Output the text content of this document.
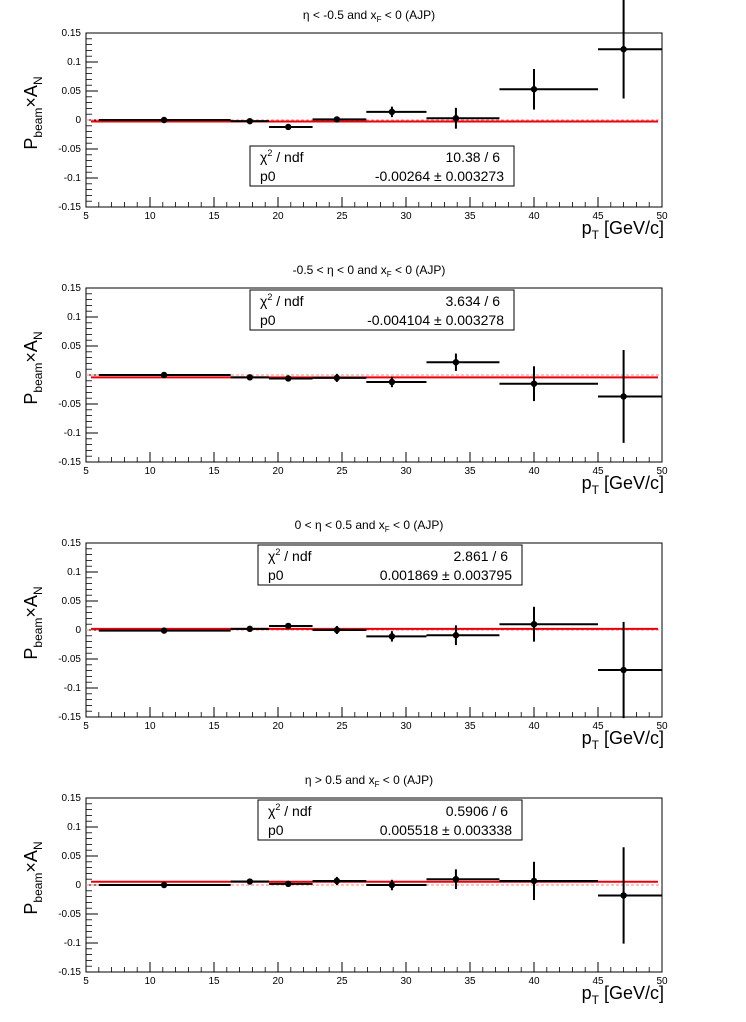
η < -0.5 and $x_F < 0$ (AJP)
-0.15
-0.1
-0.05
0
0.05
0.1
0.15
5	10	15	20	25	30	35	40	45	50
$P_{beam}\times A_N$
$p_T$ [GeV/c]
$\chi^2$ / ndf	10.38 / 6
p0	-0.00264 ± 0.003273
-0.5 < η < 0 and $x_F < 0$ (AJP)
-0.15
-0.1
-0.05
0
0.05
0.1
0.15
5	10	15	20	25	30	35	40	45	50
$P_{beam}\times A_N$
$p_T$ [GeV/c]
$\chi^2$ / ndf	3.634 / 6
p0	-0.004104 ± 0.003278
0 < η < 0.5 and $x_F < 0$ (AJP)
-0.15
-0.1
-0.05
0
0.05
0.1
0.15
5	10	15	20	25	30	35	40	45	50
$P_{beam}\times A_N$
$p_T$ [GeV/c]
$\chi^2$ / ndf	2.861 / 6
p0	0.001869 ± 0.003795
η > 0.5 and $x_F < 0$ (AJP)
-0.15
-0.1
-0.05
0
0.05
0.1
0.15
5	10	15	20	25	30	35	40	45	50
$P_{beam}\times A_N$
$p_T$ [GeV/c]
$\chi^2$ / ndf	0.5906 / 6
p0	0.005518 ± 0.003338
